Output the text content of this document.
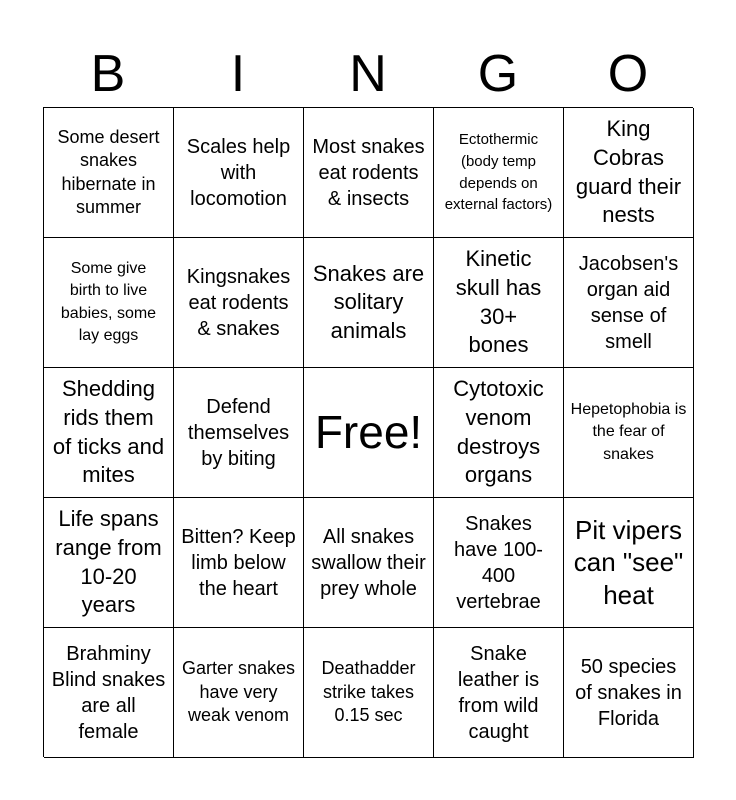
B	I	N	G	O
Some desert snakes hibernate in summer
Scales help with locomotion
Most snakes eat rodents & insects
Ectothermic (body temp depends on external factors)
King Cobras guard their nests
Some give birth to live babies, some lay eggs
Kingsnakes eat rodents & snakes
Snakes are solitary animals
Kinetic skull has 30+ bones
Jacobsen's organ aid sense of smell
Shedding rids them of ticks and mites
Defend themselves by biting
Free!
Cytotoxic venom destroys organs
Hepetophobia is the fear of snakes
Life spans range from 10-20 years
Bitten? Keep limb below the heart
All snakes swallow their prey whole
Snakes have 100-400 vertebrae
Pit vipers can "see" heat
Brahminy Blind snakes are all female
Garter snakes have very weak venom
Deathadder strike takes 0.15 sec
Snake leather is from wild caught
50 species of snakes in Florida
